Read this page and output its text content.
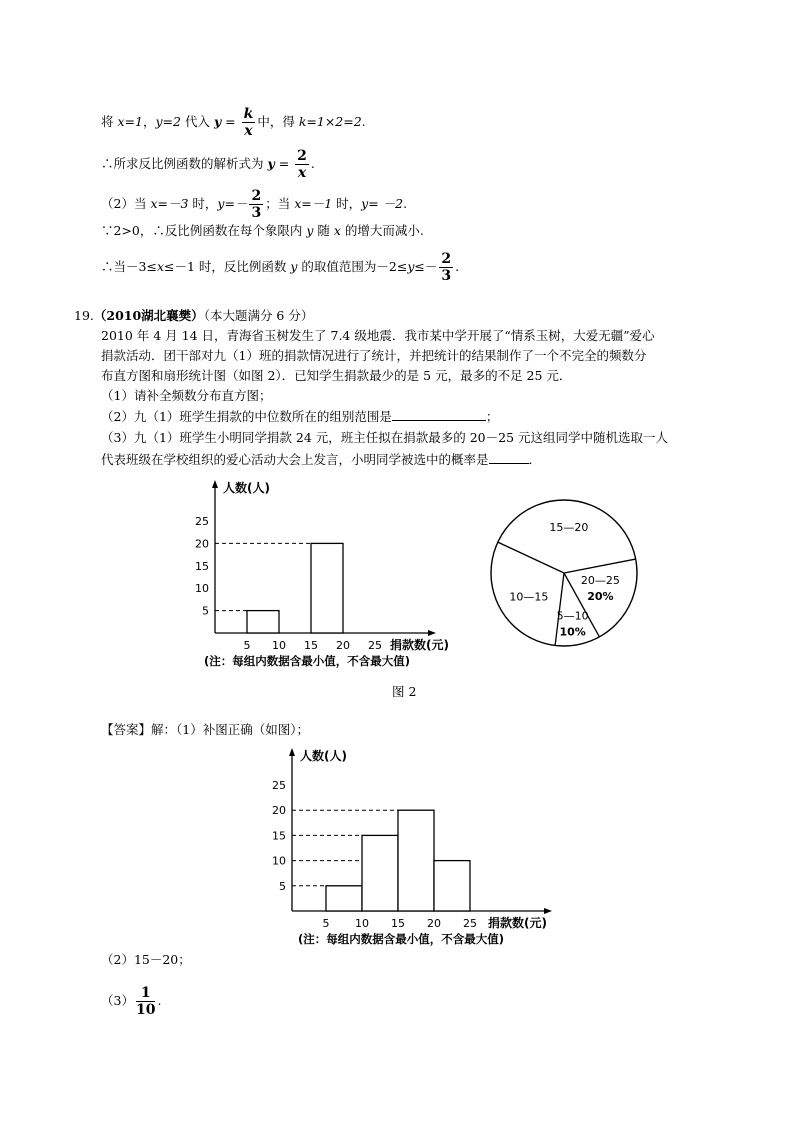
将 x=1，y=2 代入 $y = \frac{k}{x}$ 中，得 k=1×2=2.
∴所求反比例函数的解析式为 $y = \frac{2}{x}$ .
（2）当 x=－3 时，$y=- \frac{2}{3}$ ；当 x=－1 时，y= －2.
∵2>0，∴反比例函数在每个象限内 y 随 x 的增大而减小.
∴当－3≤x≤－1 时，反比例函数 y 的取值范围为$-2\le y\le- \frac{2}{3}$ .
19.（2010湖北襄樊）（本大题满分 6 分）
2010 年 4 月 14 日，青海省玉树发生了 7.4 级地震．我市某中学开展了“情系玉树，大爱无疆”爱心
捐款活动．团干部对九（1）班的捐款情况进行了统计，并把统计的结果制作了一个不完全的频数分
布直方图和扇形统计图（如图 2）．已知学生捐款最少的是 5 元，最多的不足 25 元．
（1）请补全频数分布直方图；
（2）九（1）班学生捐款的中位数所在的组别范围是	；
（3）九（1）班学生小明同学捐款 24 元，班主任拟在捐款最多的 20－25 元这组同学中随机选取一人
代表班级在学校组织的爱心活动大会上发言，小明同学被选中的概率是	．
人数(人)
5
10
15
20
25
5 10 15 20 25 捐款数(元)
(注：每组内数据含最小值，不含最大值)
15—20
20—25
20%
5—10
10%
10—15
图 2
【答案】解：（1）补图正确（如图）；
人数(人)
5
10
15
20
25
5 10 15 20 25 捐款数(元)
(注：每组内数据含最小值，不含最大值)
（2）15－20；
$(3) \frac{1}{10}$ .
